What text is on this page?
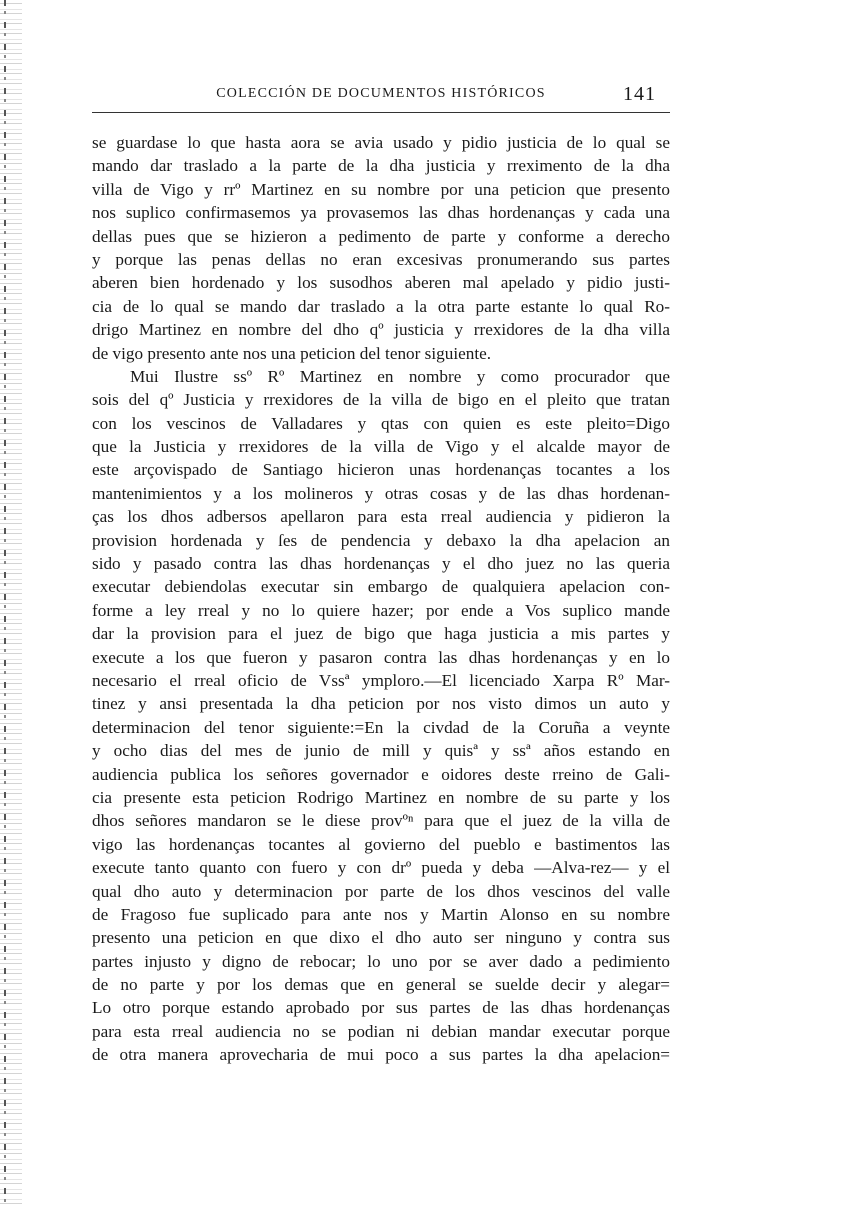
COLECCIÓN DE DOCUMENTOS HISTÓRICOS	141
se guardase lo que hasta aora se avia usado y pidio justicia de lo qual se
mando dar traslado a la parte de la dha justicia y rreximento de la dha
villa de Vigo y rrº Martinez en su nombre por una peticion que presento
nos suplico confirmasemos ya provasemos las dhas hordenanças y cada una
dellas pues que se hizieron a pedimento de parte y conforme a derecho
y porque las penas dellas no eran excesivas pronumerando sus partes
aberen bien hordenado y los susodhos aberen mal apelado y pidio justi-
cia de lo qual se mando dar traslado a la otra parte estante lo qual Ro-
drigo Martinez en nombre del dho qº justicia y rrexidores de la dha villa
de vigo presento ante nos una peticion del tenor siguiente.
Mui Ilustre ssº Rº Martinez en nombre y como procurador que
sois del qº Justicia y rrexidores de la villa de bigo en el pleito que tratan
con los vescinos de Valladares y qtas con quien es este pleito=Digo
que la Justicia y rrexidores de la villa de Vigo y el alcalde mayor de
este arçovispado de Santiago hicieron unas hordenanças tocantes a los
mantenimientos y a los molineros y otras cosas y de las dhas hordenan-
ças los dhos adbersos apellaron para esta rreal audiencia y pidieron la
provision hordenada y ſes de pendencia y debaxo la dha apelacion an
sido y pasado contra las dhas hordenanças y el dho juez no las queria
executar debiendolas executar sin embargo de qualquiera apelacion con-
forme a ley rreal y no lo quiere hazer; por ende a Vos suplico mande
dar la provision para el juez de bigo que haga justicia a mis partes y
execute a los que fueron y pasaron contra las dhas hordenanças y en lo
necesario el rreal oficio de Vssª ymploro.—El licenciado Xarpa Rº Mar-
tinez y ansi presentada la dha peticion por nos visto dimos un auto y
determinacion del tenor siguiente:=En la civdad de la Coruña a veynte
y ocho dias del mes de junio de mill y quisª y ssª años estando en
audiencia publica los señores governador e oidores deste rreino de Gali-
cia presente esta peticion Rodrigo Martinez en nombre de su parte y los
dhos señores mandaron se le diese provºⁿ para que el juez de la villa de
vigo las hordenanças tocantes al govierno del pueblo e bastimentos las
execute tanto quanto con fuero y con drº pueda y deba —Alva-rez— y el
qual dho auto y determinacion por parte de los dhos vescinos del valle
de Fragoso fue suplicado para ante nos y Martin Alonso en su nombre
presento una peticion en que dixo el dho auto ser ninguno y contra sus
partes injusto y digno de rebocar; lo uno por se aver dado a pedimiento
de no parte y por los demas que en general se suelde decir y alegar=
Lo otro porque estando aprobado por sus partes de las dhas hordenanças
para esta rreal audiencia no se podian ni debian mandar executar porque
de otra manera aprovecharia de mui poco a sus partes la dha apelacion=
